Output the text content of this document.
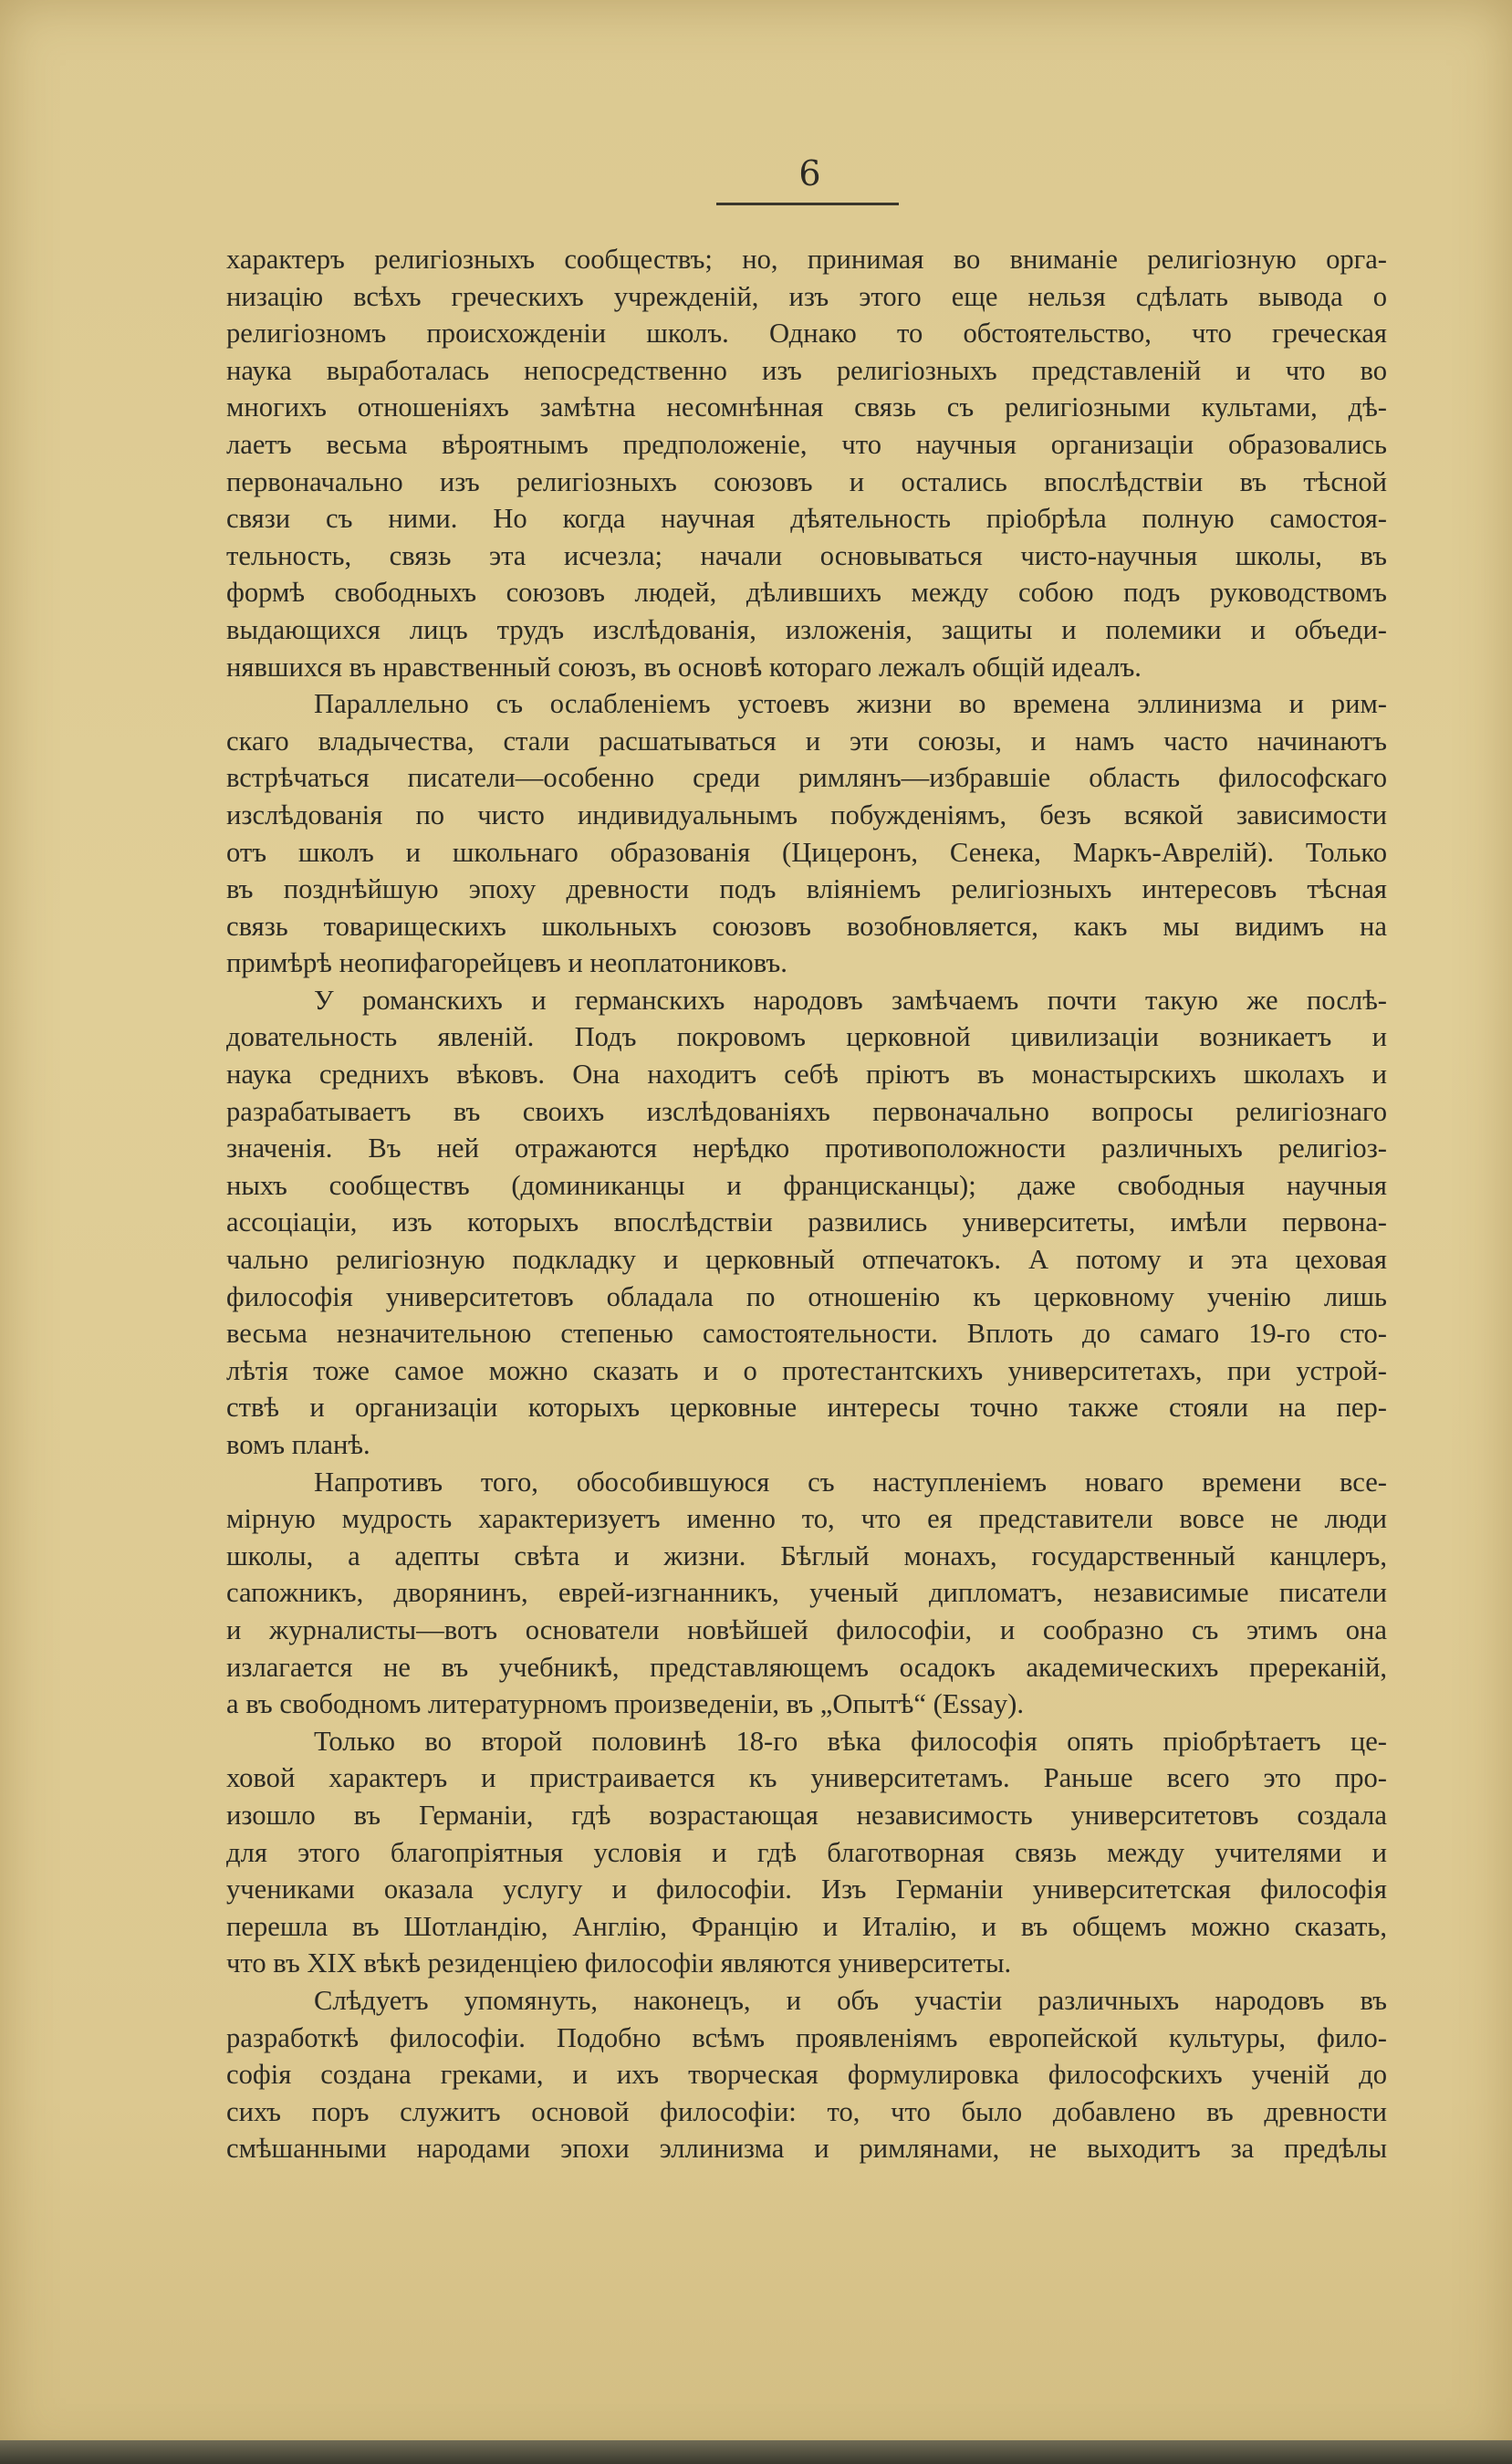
6

характеръ религіозныхъ сообществъ; но, принимая во вниманіе религіозную орга-
низацію всѣхъ греческихъ учрежденій, изъ этого еще нельзя сдѣлать вывода о
религіозномъ происхожденіи школъ. Однако то обстоятельство, что греческая
наука выработалась непосредственно изъ религіозныхъ представленій и что во
многихъ отношеніяхъ замѣтна несомнѣнная связь съ религіозными культами, дѣ-
лаетъ весьма вѣроятнымъ предположеніе, что научныя организаціи образовались
первоначально изъ религіозныхъ союзовъ и остались впослѣдствіи въ тѣсной
связи съ ними. Но когда научная дѣятельность пріобрѣла полную самостоя-
тельность, связь эта исчезла; начали основываться чисто-научныя школы, въ
формѣ свободныхъ союзовъ людей, дѣлившихъ между собою подъ руководствомъ
выдающихся лицъ трудъ изслѣдованія, изложенія, защиты и полемики и объеди-
нявшихся въ нравственный союзъ, въ основѣ котораго лежалъ общій идеалъ.

Параллельно съ ослабленіемъ устоевъ жизни во времена эллинизма и рим-
скаго владычества, стали расшатываться и эти союзы, и намъ часто начинаютъ
встрѣчаться писатели—особенно среди римлянъ—избравшіе область философскаго
изслѣдованія по чисто индивидуальнымъ побужденіямъ, безъ всякой зависимости
отъ школъ и школьнаго образованія (Цицеронъ, Сенека, Маркъ-Аврелій). Только
въ позднѣйшую эпоху древности подъ вліяніемъ религіозныхъ интересовъ тѣсная
связь товарищескихъ школьныхъ союзовъ возобновляется, какъ мы видимъ на
примѣрѣ неопифагорейцевъ и неоплатониковъ.

У романскихъ и германскихъ народовъ замѣчаемъ почти такую же послѣ-
довательность явленій. Подъ покровомъ церковной цивилизаціи возникаетъ и
наука среднихъ вѣковъ. Она находитъ себѣ пріютъ въ монастырскихъ школахъ и
разрабатываетъ въ своихъ изслѣдованіяхъ первоначально вопросы религіознаго
значенія. Въ ней отражаются нерѣдко противоположности различныхъ религіоз-
ныхъ сообществъ (доминиканцы и францисканцы); даже свободныя научныя
ассоціаціи, изъ которыхъ впослѣдствіи развились университеты, имѣли первона-
чально религіозную подкладку и церковный отпечатокъ. А потому и эта цеховая
философія университетовъ обладала по отношенію къ церковному ученію лишь
весьма незначительною степенью самостоятельности. Вплоть до самаго 19-го сто-
лѣтія тоже самое можно сказать и о протестантскихъ университетахъ, при устрой-
ствѣ и организаціи которыхъ церковные интересы точно также стояли на пер-
вомъ планѣ.

Напротивъ того, обособившуюся съ наступленіемъ новаго времени все-
мірную мудрость характеризуетъ именно то, что ея представители вовсе не люди
школы, а адепты свѣта и жизни. Бѣглый монахъ, государственный канцлеръ,
сапожникъ, дворянинъ, еврей-изгнанникъ, ученый дипломатъ, независимые писатели
и журналисты—вотъ основатели новѣйшей философіи, и сообразно съ этимъ она
излагается не въ учебникѣ, представляющемъ осадокъ академическихъ пререканій,
а въ свободномъ литературномъ произведеніи, въ „Опытѣ“ (Essay).

Только во второй половинѣ 18-го вѣка философія опять пріобрѣтаетъ це-
ховой характеръ и пристраивается къ университетамъ. Раньше всего это про-
изошло въ Германіи, гдѣ возрастающая независимость университетовъ создала
для этого благопріятныя условія и гдѣ благотворная связь между учителями и
учениками оказала услугу и философіи. Изъ Германіи университетская философія
перешла въ Шотландію, Англію, Францію и Италію, и въ общемъ можно сказать,
что въ XIX вѣкѣ резиденціею философіи являются университеты.

Слѣдуетъ упомянуть, наконецъ, и объ участіи различныхъ народовъ въ
разработкѣ философіи. Подобно всѣмъ проявленіямъ европейской культуры, фило-
софія создана греками, и ихъ творческая формулировка философскихъ ученій до
сихъ поръ служитъ основой философіи: то, что было добавлено въ древности
смѣшанными народами эпохи эллинизма и римлянами, не выходитъ за предѣлы
